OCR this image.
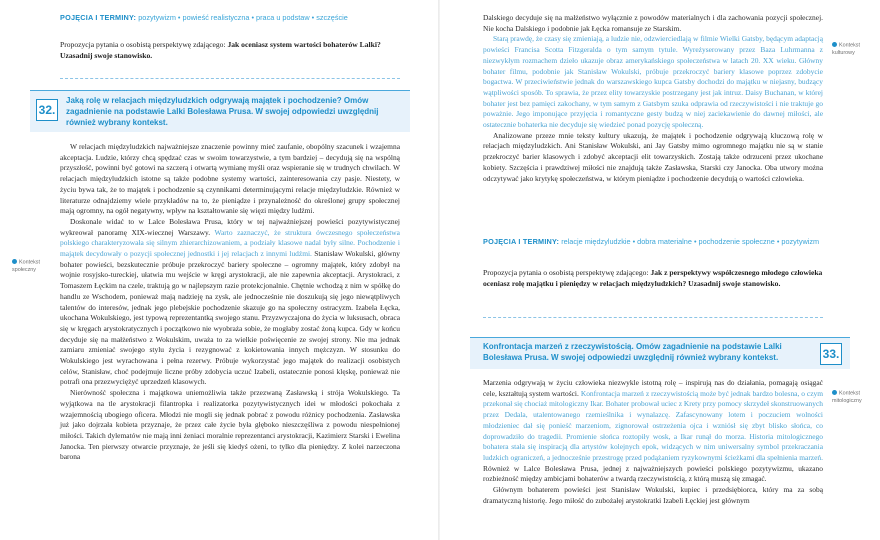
POJĘCIA I TERMINY: pozytywizm • powieść realistyczna • praca u podstaw • szczęście
Propozycja pytania o osobistą perspektywę zdającego: Jak oceniasz system wartości bohaterów Lalki? Uzasadnij swoje stanowisko.
32.
Jaką rolę w relacjach międzyludzkich odgrywają majątek i pochodzenie? Omów zagadnienie na podstawie Lalki Bolesława Prusa. W swojej odpowiedzi uwzględnij również wybrany kontekst.
Kontekst społeczny

W relacjach międzyludzkich najważniejsze znaczenie powinny mieć zaufanie, obopólny szacunek i wzajemna akceptacja. Ludzie, którzy chcą spędzać czas w swoim towarzystwie, a tym bardziej – decydują się na wspólną przyszłość, powinni być gotowi na szczerą i otwartą wymianę myśli oraz wspieranie się w trudnych chwilach. W relacjach międzyludzkich istotne są także podobne systemy wartości, zainteresowania czy pasje. Niestety, w życiu bywa tak, że to majątek i pochodzenie są czynnikami determinującymi relacje międzyludzkie. Również w literaturze odnajdziemy wiele przykładów na to, że pieniądze i przynależność do określonej grupy społecznej mają ogromny, na ogół negatywny, wpływ na kształtowanie się więzi między ludźmi.

Doskonale widać to w Lalce Bolesława Prusa, który w tej najważniejszej powieści pozytywistycznej wykreował panoramę XIX-wiecznej Warszawy. Warto zaznaczyć, że struktura ówczesnego społeczeństwa polskiego charakteryzowała się silnym zhierarchizowaniem, a podziały klasowe nadal były silne. Pochodzenie i majątek decydowały o pozycji społecznej jednostki i jej relacjach z innymi ludźmi. Stanisław Wokulski, główny bohater powieści, bezskutecznie próbuje przekroczyć bariery społeczne – ogromny majątek, który zdobył na wojnie rosyjsko-tureckiej, ułatwia mu wejście w kręgi arystokracji, ale nie zapewnia akceptacji. Arystokraci, z Tomaszem Łęckim na czele, traktują go w najlepszym razie protekcjonalnie. Chętnie wchodzą z nim w spółkę do handlu ze Wschodem, ponieważ mają nadzieję na zysk, ale jednocześnie nie doszukują się jego niewątpliwych talentów do interesów, jednak jego plebejskie pochodzenie skazuje go na społeczny ostracyzm. Izabela Łęcka, ukochana Wokulskiego, jest typową reprezentantką swojego stanu. Przyzwyczajona do życia w luksusach, obraca się w kręgach arystokratycznych i początkowo nie wyobraża sobie, że mogłaby zostać żoną kupca. Gdy w końcu decyduje się na małżeństwo z Wokulskim, uważa to za wielkie poświęcenie ze swojej strony. Nie ma jednak zamiaru zmieniać swojego stylu życia i rezygnować z kokietowania innych mężczyzn. W stosunku do Wokulskiego jest wyrachowana i pełna rezerwy. Próbuje wykorzystać jego majątek do realizacji osobistych celów, Stanisław, choć podejmuje liczne próby zdobycia uczuć Izabeli, ostatecznie ponosi klęskę, ponieważ nie potrafi ona przezwyciężyć uprzedzeń klasowych.

Nierówność społeczna i majątkowa uniemożliwia także przezwaną Zasławską i strója Wokulskiego. Ta wyjątkowa na tle arystokracji filantropka i realizatorka pozytywistycznych idei w młodości pokochała z wzajemnością ubogiego oficera. Młodzi nie mogli się jednak pobrać z powodu różnicy pochodzenia. Zasławska już jako dojrzała kobieta przyznaje, że przez całe życie była głęboko nieszczęśliwa z powodu niespełnionej miłości. Takich dylematów nie mają inni żeniaci moralnie reprezentanci arystokracji, Kazimierz Starski i Ewelina Janocka. Ten pierwszy otwarcie przyznaje, że jeśli się kiedyś ożeni, to tylko dla pieniędzy. Z kolei narzeczona barona

Dalskiego decyduje się na małżeństwo wyłącznie z powodów materialnych i dla zachowania pozycji społecznej. Nie kocha Dalskiego i podobnie jak Łęcka romansuje ze Starskim.

Starą prawdę, że czasy się zmieniają, a ludzie nie, odzwierciedlają w filmie Wielki Gatsby, będącym adaptacją powieści Francisa Scotta Fitzgeralda o tym samym tytule. Wyreżyserowany przez Baza Luhrmanna z niezwykłym rozmachem dzieło ukazuje obraz amerykańskiego społeczeństwa w latach 20. XX wieku. Główny bohater filmu, podobnie jak Stanisław Wokulski, próbuje przekroczyć bariery klasowe poprzez zdobycie bogactwa. W przeciwieństwie jednak do warszawskiego kupca Gatsby dochodzi do majątku w niejasny, budzący wątpliwości sposób. To sprawia, że przez elity towarzyskie postrzegany jest jak intruz. Daisy Buchanan, w której bohater jest bez pamięci zakochany, w tym samym z Gatsbym szuka odprawia od rzeczywistości i nie traktuje go poważnie. Jego imponujące przyjęcia i romantyczne gesty budzą w niej zaciekawienie do dawnej miłości, ale ostatecznie bohaterka nie decyduje się wiedzieć ponad pozycję społeczną.

Analizowane przeze mnie teksty kultury ukazują, że majątek i pochodzenie odgrywają kluczową rolę w relacjach międzyludzkich. Ani Stanisław Wokulski, ani Jay Gatsby mimo ogromnego majątku nie są w stanie przekroczyć barier klasowych i zdobyć akceptacji elit towarzyskich. Zostają także odrzuceni przez ukochane kobiety. Szczęścia i prawdziwej miłości nie znajdują także Zasławska, Starski czy Janocka. Oba utwory można odczytywać jako krytykę społeczeństwa, w którym pieniądze i pochodzenie decydują o wartości człowieka.

Kontekst kulturowy
POJĘCIA I TERMINY: relacje międzyludzkie • dobra materialne • pochodzenie społeczne • pozytywizm
Propozycja pytania o osobistą perspektywę zdającego: Jak z perspektywy współczesnego młodego człowieka oceniasz rolę majątku i pieniędzy w relacjach międzyludzkich? Uzasadnij swoje stanowisko.
Konfrontacja marzeń z rzeczywistością. Omów zagadnienie na podstawie Lalki Bolesława Prusa. W swojej odpowiedzi uwzględnij również wybrany kontekst.	33.
Kontekst mitologiczny

Marzenia odgrywają w życiu człowieka niezwykle istotną rolę – inspirują nas do działania, pomagają osiągać cele, kształtują system wartości. Konfrontacja marzeń z rzeczywistością może być jednak bardzo bolesna, o czym przekonał się chociaż mitologiczny Ikar. Bohater probował uciec z Krety przy pomocy skrzydeł skonstruowanych przez Dedala, utalentowanego rzemieślnika i wynalazcę. Zafascynowany lotem i poczuciem wolności młodzieniec dał się ponieść marzeniom, zignorował ostrzeżenia ojca i wzniósł się zbyt blisko słońca, co doprowadziło do tragedii. Promienie słońca roztopiły wosk, a Ikar runął do morza. Historia mitologicznego bohatera stała się inspiracją dla artystów kolejnych epok, widzących w nim uniwersalny symbol przekraczania ludzkich ograniczeń, a jednocześnie przestrogę przed podążaniem ryzykownymi ścieżkami dla spełnienia marzeń. Również w Lalce Bolesława Prusa, jednej z najważniejszych powieści polskiego pozytywizmu, ukazano rozbieżność między ambicjami bohaterów a twardą rzeczywistością, z którą muszą się zmagać.

Głównym bohaterem powieści jest Stanisław Wokulski, kupiec i przedsiębiorca, który ma za sobą dramatyczną historię. Jego miłość do zubożałej arystokratki Izabeli Łęckiej jest głównym
